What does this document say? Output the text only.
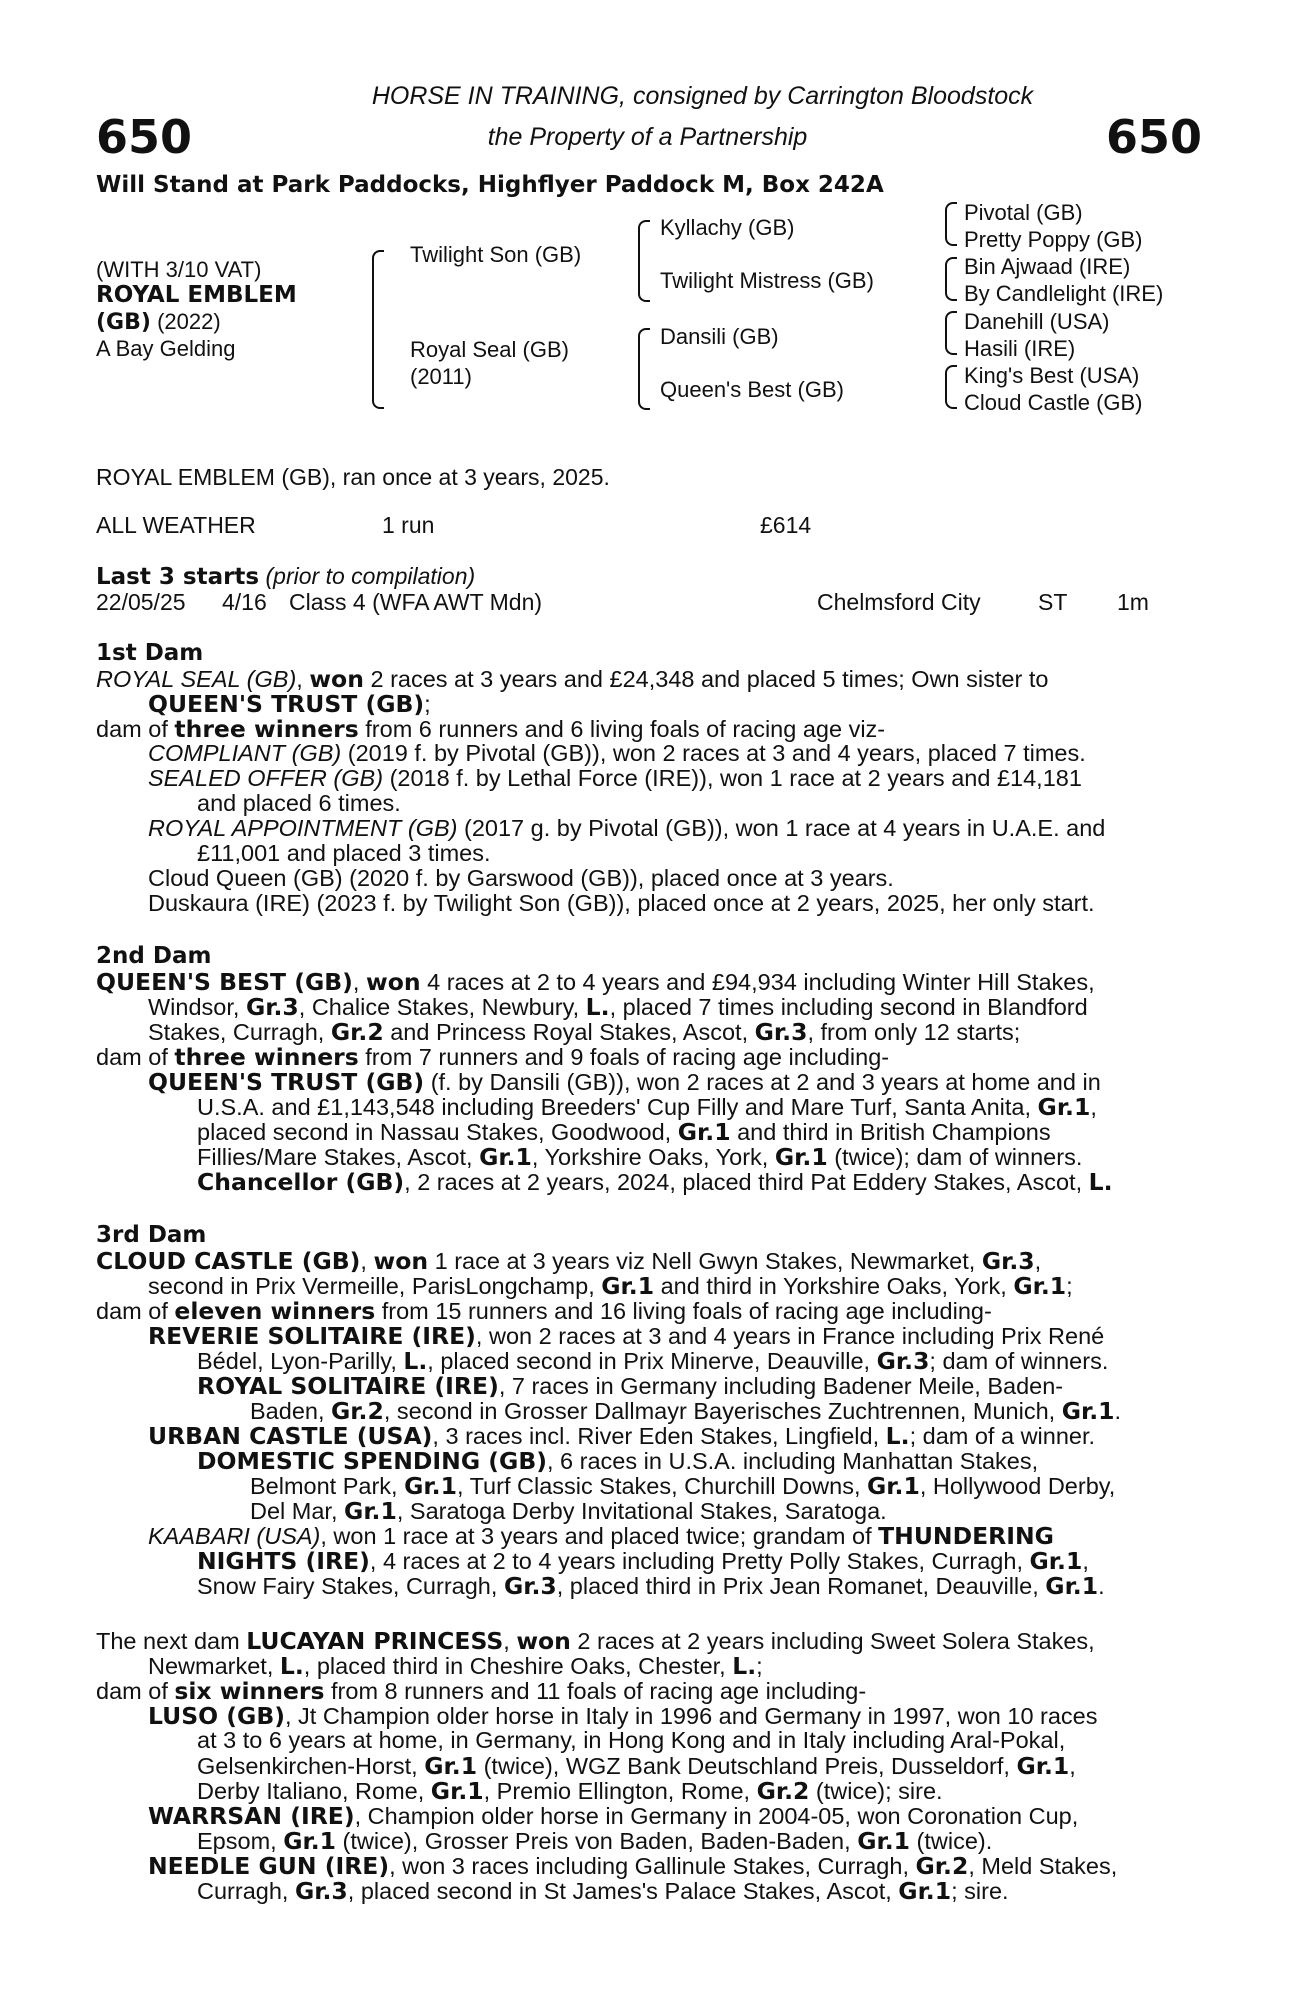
650	650
HORSE IN TRAINING, consigned by Carrington Bloodstock
the Property of a Partnership
Will Stand at Park Paddocks, Highflyer Paddock M, Box 242A
(WITH 3/10 VAT)
ROYAL EMBLEM
(GB) (2022)
A Bay Gelding
Twilight Son (GB)
Royal Seal (GB)
(2011)
Kyllachy (GB)
Twilight Mistress (GB)
Dansili (GB)
Queen's Best (GB)
Pivotal (GB)
Pretty Poppy (GB)
Bin Ajwaad (IRE)
By Candlelight (IRE)
Danehill (USA)
Hasili (IRE)
King's Best (USA)
Cloud Castle (GB)
ROYAL EMBLEM (GB), ran once at 3 years, 2025.
ALL WEATHER	1 run	£614
Last 3 starts (prior to compilation)
22/05/25 4/16 Class 4 (WFA AWT Mdn)	Chelmsford City ST 1m
1st Dam
ROYAL SEAL (GB), won 2 races at 3 years and £24,348 and placed 5 times; Own sister to
QUEEN'S TRUST (GB);
dam of three winners from 6 runners and 6 living foals of racing age viz-
COMPLIANT (GB) (2019 f. by Pivotal (GB)), won 2 races at 3 and 4 years, placed 7 times.
SEALED OFFER (GB) (2018 f. by Lethal Force (IRE)), won 1 race at 2 years and £14,181
and placed 6 times.
ROYAL APPOINTMENT (GB) (2017 g. by Pivotal (GB)), won 1 race at 4 years in U.A.E. and
£11,001 and placed 3 times.
Cloud Queen (GB) (2020 f. by Garswood (GB)), placed once at 3 years.
Duskaura (IRE) (2023 f. by Twilight Son (GB)), placed once at 2 years, 2025, her only start.
2nd Dam
QUEEN'S BEST (GB), won 4 races at 2 to 4 years and £94,934 including Winter Hill Stakes,
Windsor, Gr.3, Chalice Stakes, Newbury, L., placed 7 times including second in Blandford
Stakes, Curragh, Gr.2 and Princess Royal Stakes, Ascot, Gr.3, from only 12 starts;
dam of three winners from 7 runners and 9 foals of racing age including-
QUEEN'S TRUST (GB) (f. by Dansili (GB)), won 2 races at 2 and 3 years at home and in
U.S.A. and £1,143,548 including Breeders' Cup Filly and Mare Turf, Santa Anita, Gr.1,
placed second in Nassau Stakes, Goodwood, Gr.1 and third in British Champions
Fillies/Mare Stakes, Ascot, Gr.1, Yorkshire Oaks, York, Gr.1 (twice); dam of winners.
Chancellor (GB), 2 races at 2 years, 2024, placed third Pat Eddery Stakes, Ascot, L.
3rd Dam
CLOUD CASTLE (GB), won 1 race at 3 years viz Nell Gwyn Stakes, Newmarket, Gr.3,
second in Prix Vermeille, ParisLongchamp, Gr.1 and third in Yorkshire Oaks, York, Gr.1;
dam of eleven winners from 15 runners and 16 living foals of racing age including-
REVERIE SOLITAIRE (IRE), won 2 races at 3 and 4 years in France including Prix René
Bédel, Lyon-Parilly, L., placed second in Prix Minerve, Deauville, Gr.3; dam of winners.
ROYAL SOLITAIRE (IRE), 7 races in Germany including Badener Meile, Baden-
Baden, Gr.2, second in Grosser Dallmayr Bayerisches Zuchtrennen, Munich, Gr.1.
URBAN CASTLE (USA), 3 races incl. River Eden Stakes, Lingfield, L.; dam of a winner.
DOMESTIC SPENDING (GB), 6 races in U.S.A. including Manhattan Stakes,
Belmont Park, Gr.1, Turf Classic Stakes, Churchill Downs, Gr.1, Hollywood Derby,
Del Mar, Gr.1, Saratoga Derby Invitational Stakes, Saratoga.
KAABARI (USA), won 1 race at 3 years and placed twice; grandam of THUNDERING
NIGHTS (IRE), 4 races at 2 to 4 years including Pretty Polly Stakes, Curragh, Gr.1,
Snow Fairy Stakes, Curragh, Gr.3, placed third in Prix Jean Romanet, Deauville, Gr.1.
The next dam LUCAYAN PRINCESS, won 2 races at 2 years including Sweet Solera Stakes,
Newmarket, L., placed third in Cheshire Oaks, Chester, L.;
dam of six winners from 8 runners and 11 foals of racing age including-
LUSO (GB), Jt Champion older horse in Italy in 1996 and Germany in 1997, won 10 races
at 3 to 6 years at home, in Germany, in Hong Kong and in Italy including Aral-Pokal,
Gelsenkirchen-Horst, Gr.1 (twice), WGZ Bank Deutschland Preis, Dusseldorf, Gr.1,
Derby Italiano, Rome, Gr.1, Premio Ellington, Rome, Gr.2 (twice); sire.
WARRSAN (IRE), Champion older horse in Germany in 2004-05, won Coronation Cup,
Epsom, Gr.1 (twice), Grosser Preis von Baden, Baden-Baden, Gr.1 (twice).
NEEDLE GUN (IRE), won 3 races including Gallinule Stakes, Curragh, Gr.2, Meld Stakes,
Curragh, Gr.3, placed second in St James's Palace Stakes, Ascot, Gr.1; sire.
